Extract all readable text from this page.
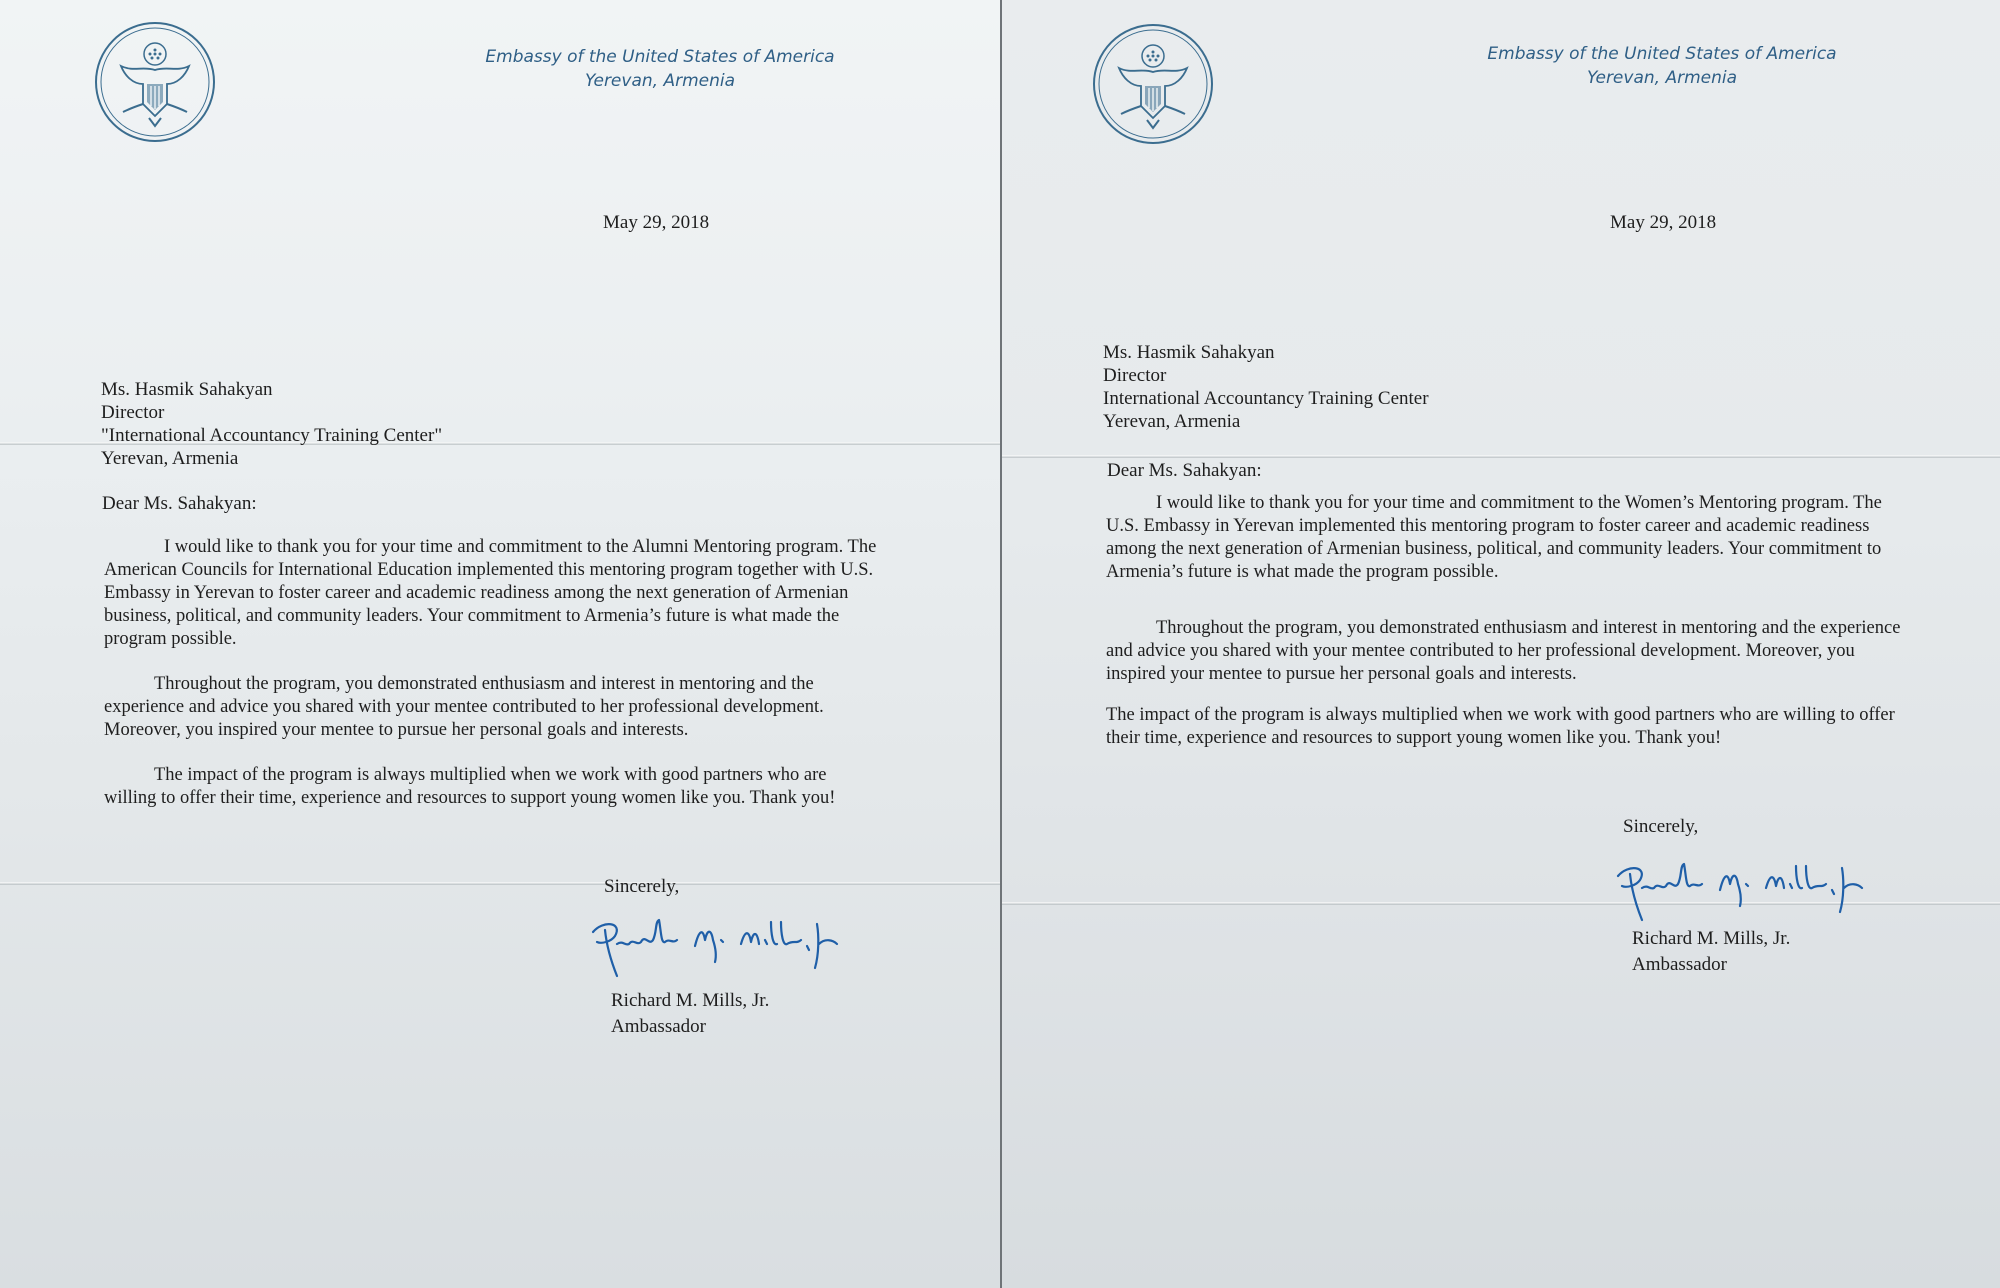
Embassy of the United States of America
Yerevan, Armenia
May 29, 2018
Ms. Hasmik Sahakyan
Director
"International Accountancy Training Center"
Yerevan, Armenia
Dear Ms. Sahakyan:

I would like to thank you for your time and commitment to the Alumni Mentoring program. The American Councils for International Education implemented this mentoring program together with U.S. Embassy in Yerevan to foster career and academic readiness among the next generation of Armenian business, political, and community leaders. Your commitment to Armenia’s future is what made the program possible.

Throughout the program, you demonstrated enthusiasm and interest in mentoring and the experience and advice you shared with your mentee contributed to her professional development. Moreover, you inspired your mentee to pursue her personal goals and interests.

The impact of the program is always multiplied when we work with good partners who are willing to offer their time, experience and resources to support young women like you. Thank you!

Sincerely,
Richard M. Mills, Jr.
Ambassador
Embassy of the United States of America
Yerevan, Armenia
May 29, 2018
Ms. Hasmik Sahakyan
Director
International Accountancy Training Center
Yerevan, Armenia
Dear Ms. Sahakyan:

I would like to thank you for your time and commitment to the Women’s Mentoring program. The U.S. Embassy in Yerevan implemented this mentoring program to foster career and academic readiness among the next generation of Armenian business, political, and community leaders. Your commitment to Armenia’s future is what made the program possible.

Throughout the program, you demonstrated enthusiasm and interest in mentoring and the experience and advice you shared with your mentee contributed to her professional development. Moreover, you inspired your mentee to pursue her personal goals and interests.

The impact of the program is always multiplied when we work with good partners who are willing to offer their time, experience and resources to support young women like you. Thank you!

Sincerely,
Richard M. Mills, Jr.
Ambassador
